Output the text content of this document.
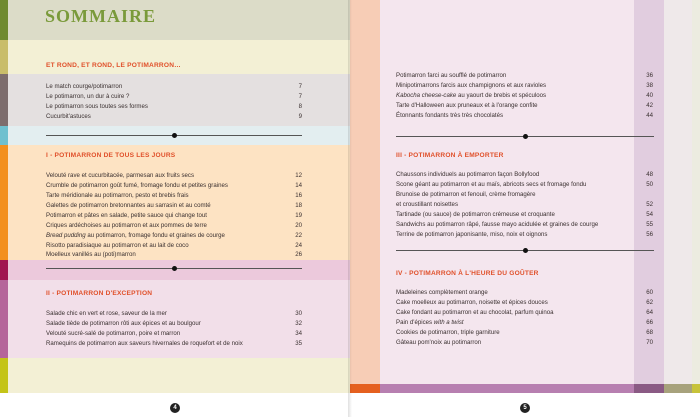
SOMMAIRE
ET ROND, ET ROND, LE POTIMARRON…
Le match courge/potimarron	7
Le potimarron, un dur à cuire ?	7
Le potimarron sous toutes ses formes	8
Cucurbit'astuces	9
I - POTIMARRON DE TOUS LES JOURS
Velouté rave et cucurbitacée, parmesan aux fruits secs	12
Crumble de potimarron goût fumé, fromage fondu et petites graines	14
Tarte méridionale au potimarron, pesto et brebis frais	16
Galettes de potimarron bretonnantes au sarrasin et au comté	18
Potimarron et pâtes en salade, petite sauce qui change tout	19
Criques ardéchoises au potimarron et aux pommes de terre	20
Bread pudding au potimarron, fromage fondu et graines de courge	22
Risotto paradisiaque au potimarron et au lait de coco	24
Moelleux vanillés au (poti)marron	26
II - POTIMARRON D'EXCEPTION
Salade chic en vert et rose, saveur de la mer	30
Salade tiède de potimarron rôti aux épices et au boulgour	32
Velouté sucré-salé de potimarron, poire et marron	34
Ramequins de potimarron aux saveurs hivernales de roquefort et de noix	35
4
Potimarron farci au soufflé de potimarron	36
Minipotimarrons farcis aux champignons et aux ravioles	38
Kabocha cheese-cake au yaourt de brebis et spéculoos	40
Tarte d'Halloween aux pruneaux et à l'orange confite	42
Étonnants fondants très très chocolatés	44
III - POTIMARRON À EMPORTER
Chaussons individuels au potimarron façon Bollyfood	48
Scone géant au potimarron et au maïs, abricots secs et fromage fondu	50
Brunoise de potimarron et fenouil, crème fromagère
et croustillant noisettes	52
Tartinade (ou sauce) de potimarron crémeuse et croquante	54
Sandwichs au potimarron râpé, fausse mayo acidulée et graines de courge	55
Terrine de potimarron japonisante, miso, noix et oignons	56
IV - POTIMARRON À L'HEURE DU GOÛTER
Madeleines complètement orange	60
Cake moelleux au potimarron, noisette et épices douces	62
Cake fondant au potimarron et au chocolat, parfum quinoa	64
Pain d'épices with a twist	66
Cookies de potimarron, triple garniture	68
Gâteau pom'noix au potimarron	70
5
